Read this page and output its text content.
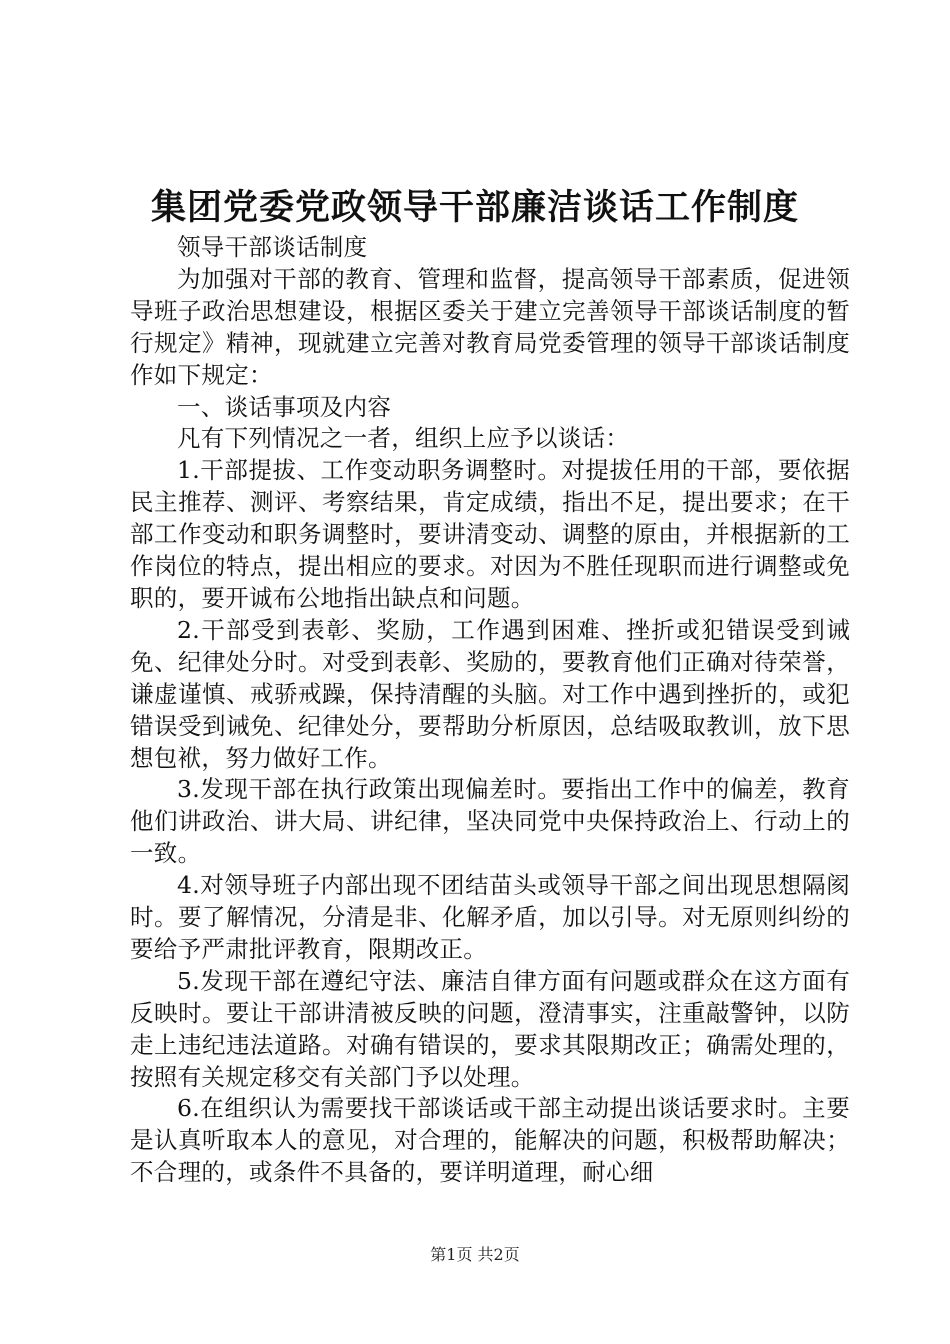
集团党委党政领导干部廉洁谈话工作制度

领导干部谈话制度

为加强对干部的教育、管理和监督，提高领导干部素质，促进领导班子政治思想建设，根据区委关于建立完善领导干部谈话制度的暂行规定》精神，现就建立完善对教育局党委管理的领导干部谈话制度作如下规定：

一、谈话事项及内容

凡有下列情况之一者，组织上应予以谈话：

1.干部提拔、工作变动职务调整时。对提拔任用的干部，要依据民主推荐、测评、考察结果，肯定成绩，指出不足，提出要求；在干部工作变动和职务调整时，要讲清变动、调整的原由，并根据新的工作岗位的特点，提出相应的要求。对因为不胜任现职而进行调整或免职的，要开诚布公地指出缺点和问题。

2.干部受到表彰、奖励，工作遇到困难、挫折或犯错误受到诫免、纪律处分时。对受到表彰、奖励的，要教育他们正确对待荣誉，谦虚谨慎、戒骄戒躁，保持清醒的头脑。对工作中遇到挫折的，或犯错误受到诫免、纪律处分，要帮助分析原因，总结吸取教训，放下思想包袱，努力做好工作。

3.发现干部在执行政策出现偏差时。要指出工作中的偏差，教育他们讲政治、讲大局、讲纪律，坚决同党中央保持政治上、行动上的一致。

4.对领导班子内部出现不团结苗头或领导干部之间出现思想隔阂时。要了解情况，分清是非、化解矛盾，加以引导。对无原则纠纷的要给予严肃批评教育，限期改正。

5.发现干部在遵纪守法、廉洁自律方面有问题或群众在这方面有反映时。要让干部讲清被反映的问题，澄清事实，注重敲警钟，以防走上违纪违法道路。对确有错误的，要求其限期改正；确需处理的，按照有关规定移交有关部门予以处理。

6.在组织认为需要找干部谈话或干部主动提出谈话要求时。主要是认真听取本人的意见，对合理的，能解决的问题，积极帮助解决；不合理的，或条件不具备的，要详明道理，耐心细

第1页 共2页
